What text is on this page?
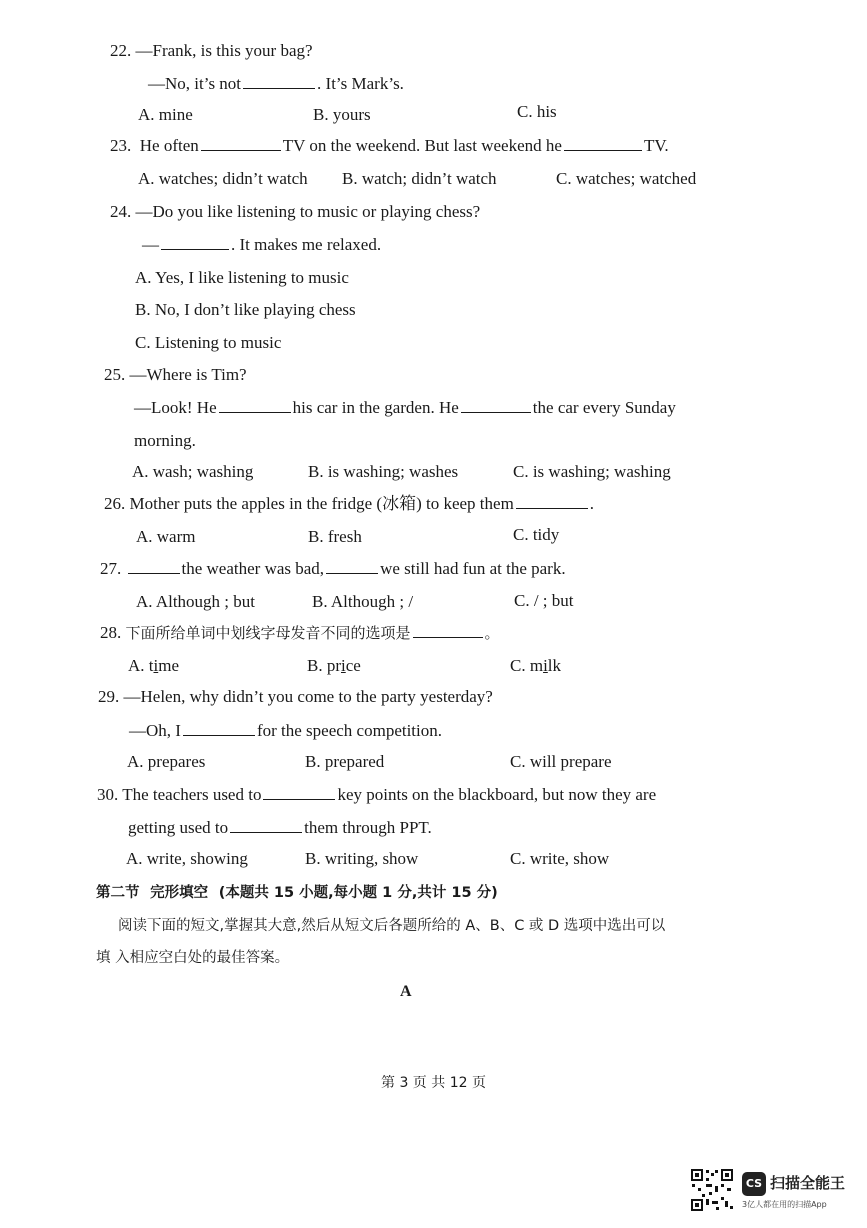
22. —Frank, is this your bag?
—No, it’s not	. It’s Mark’s.
A. mine	B. yours	C. his
23. He often	TV on the weekend. But last weekend he	TV.
A. watches; didn’t watch B. watch; didn’t watch	C. watches; watched
24. —Do you like listening to music or playing chess?
—	. It makes me relaxed.
A. Yes, I like listening to music
B. No, I don’t like playing chess
C. Listening to music
25. —Where is Tim?
—Look! He	his car in the garden. He	the car every Sunday
morning.
A. wash; washing	B. is washing; washes	C. is washing; washing
26. Mother puts the apples in the fridge (冰箱) to keep them	.
A. warm	B. fresh	C. tidy
27.	the weather was bad,	we still had fun at the park.
A. Although ; but	B. Although ; /	C. / ; but
28. 下面所给单词中划线字母发音不同的选项是	。
A. time	B. price	C. milk
29. —Helen, why didn’t you come to the party yesterday?
—Oh, I	for the speech competition.
A. prepares	B. prepared	C. will prepare
30. The teachers used to	key points on the blackboard, but now they are
getting used to	them through PPT.
A. write, showing	B. writing, show	C. write, show
第二节 完形填空 (本题共 15 小题,每小题 1 分,共计 15 分)
阅读下面的短文,掌握其大意,然后从短文后各题所给的 A、B、C 或 D 选项中选出可以
填 入相应空白处的最佳答案。
A
第 3 页 共 12 页
CS 扫描全能王
3亿人都在用的扫描App
